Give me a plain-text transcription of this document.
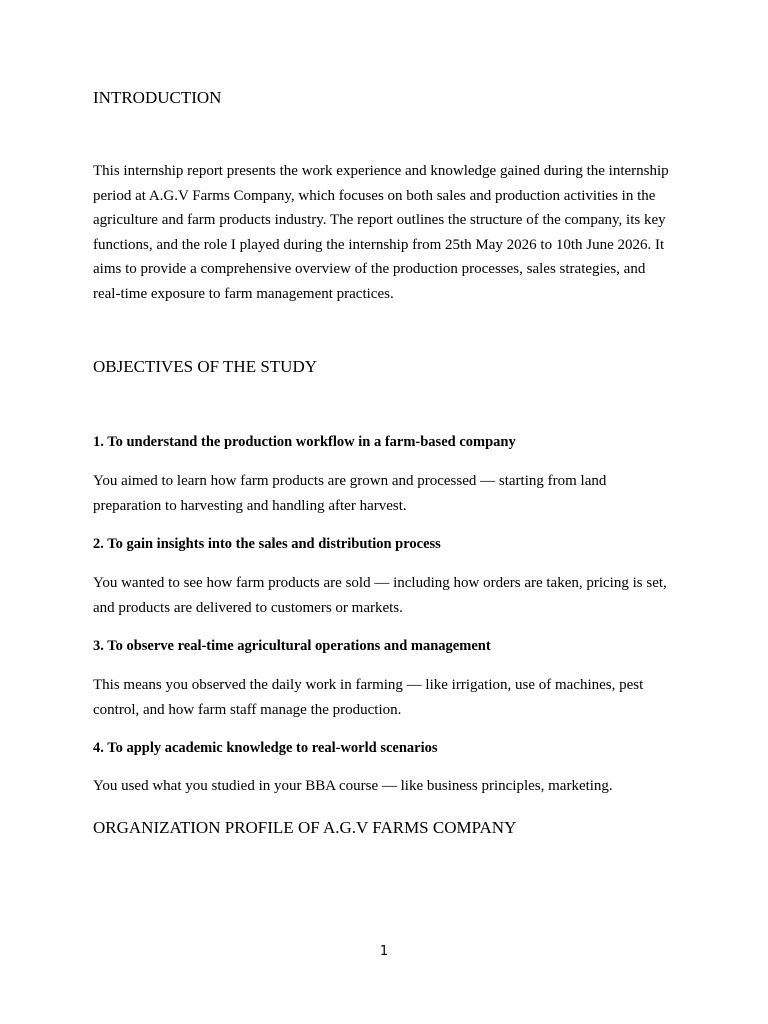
INTRODUCTION

This internship report presents the work experience and knowledge gained during the internship period at A.G.V Farms Company, which focuses on both sales and production activities in the agriculture and farm products industry. The report outlines the structure of the company, its key functions, and the role I played during the internship from 25th May 2026 to 10th June 2026. It aims to provide a comprehensive overview of the production processes, sales strategies, and real-time exposure to farm management practices.

OBJECTIVES OF THE STUDY

1. To understand the production workflow in a farm-based company

You aimed to learn how farm products are grown and processed — starting from land preparation to harvesting and handling after harvest.

2. To gain insights into the sales and distribution process

You wanted to see how farm products are sold — including how orders are taken, pricing is set, and products are delivered to customers or markets.

3. To observe real-time agricultural operations and management

This means you observed the daily work in farming — like irrigation, use of machines, pest control, and how farm staff manage the production.

4. To apply academic knowledge to real-world scenarios

You used what you studied in your BBA course — like business principles, marketing.

ORGANIZATION PROFILE OF A.G.V FARMS COMPANY
1
